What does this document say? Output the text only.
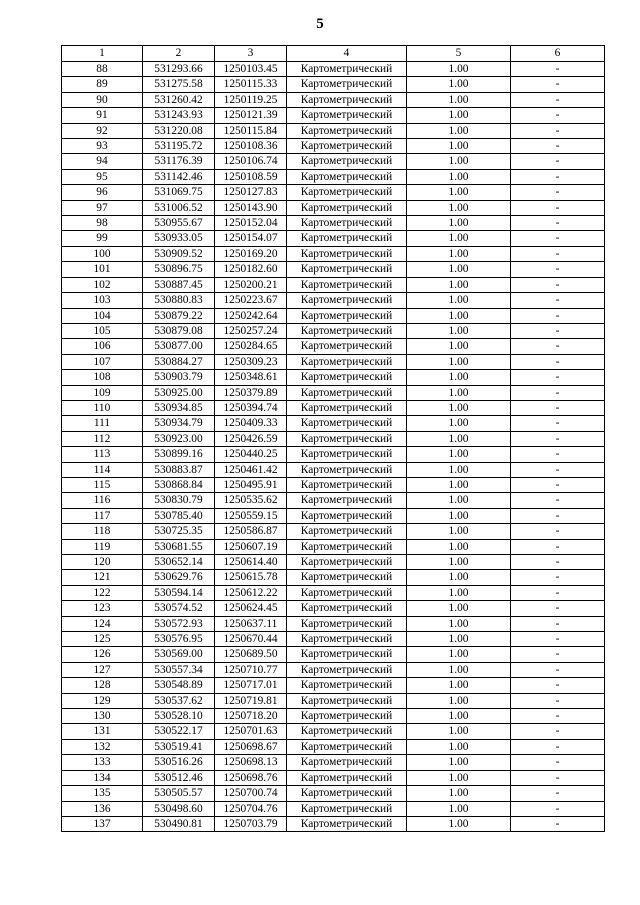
5
1	2	3	4	5	6
88	531293.66	1250103.45	Картометрический	1.00	-
89	531275.58	1250115.33	Картометрический	1.00	-
90	531260.42	1250119.25	Картометрический	1.00	-
91	531243.93	1250121.39	Картометрический	1.00	-
92	531220.08	1250115.84	Картометрический	1.00	-
93	531195.72	1250108.36	Картометрический	1.00	-
94	531176.39	1250106.74	Картометрический	1.00	-
95	531142.46	1250108.59	Картометрический	1.00	-
96	531069.75	1250127.83	Картометрический	1.00	-
97	531006.52	1250143.90	Картометрический	1.00	-
98	530955.67	1250152.04	Картометрический	1.00	-
99	530933.05	1250154.07	Картометрический	1.00	-
100	530909.52	1250169.20	Картометрический	1.00	-
101	530896.75	1250182.60	Картометрический	1.00	-
102	530887.45	1250200.21	Картометрический	1.00	-
103	530880.83	1250223.67	Картометрический	1.00	-
104	530879.22	1250242.64	Картометрический	1.00	-
105	530879.08	1250257.24	Картометрический	1.00	-
106	530877.00	1250284.65	Картометрический	1.00	-
107	530884.27	1250309.23	Картометрический	1.00	-
108	530903.79	1250348.61	Картометрический	1.00	-
109	530925.00	1250379.89	Картометрический	1.00	-
110	530934.85	1250394.74	Картометрический	1.00	-
111	530934.79	1250409.33	Картометрический	1.00	-
112	530923.00	1250426.59	Картометрический	1.00	-
113	530899.16	1250440.25	Картометрический	1.00	-
114	530883.87	1250461.42	Картометрический	1.00	-
115	530868.84	1250495.91	Картометрический	1.00	-
116	530830.79	1250535.62	Картометрический	1.00	-
117	530785.40	1250559.15	Картометрический	1.00	-
118	530725.35	1250586.87	Картометрический	1.00	-
119	530681.55	1250607.19	Картометрический	1.00	-
120	530652.14	1250614.40	Картометрический	1.00	-
121	530629.76	1250615.78	Картометрический	1.00	-
122	530594.14	1250612.22	Картометрический	1.00	-
123	530574.52	1250624.45	Картометрический	1.00	-
124	530572.93	1250637.11	Картометрический	1.00	-
125	530576.95	1250670.44	Картометрический	1.00	-
126	530569.00	1250689.50	Картометрический	1.00	-
127	530557.34	1250710.77	Картометрический	1.00	-
128	530548.89	1250717.01	Картометрический	1.00	-
129	530537.62	1250719.81	Картометрический	1.00	-
130	530528.10	1250718.20	Картометрический	1.00	-
131	530522.17	1250701.63	Картометрический	1.00	-
132	530519.41	1250698.67	Картометрический	1.00	-
133	530516.26	1250698.13	Картометрический	1.00	-
134	530512.46	1250698.76	Картометрический	1.00	-
135	530505.57	1250700.74	Картометрический	1.00	-
136	530498.60	1250704.76	Картометрический	1.00	-
137	530490.81	1250703.79	Картометрический	1.00	-
